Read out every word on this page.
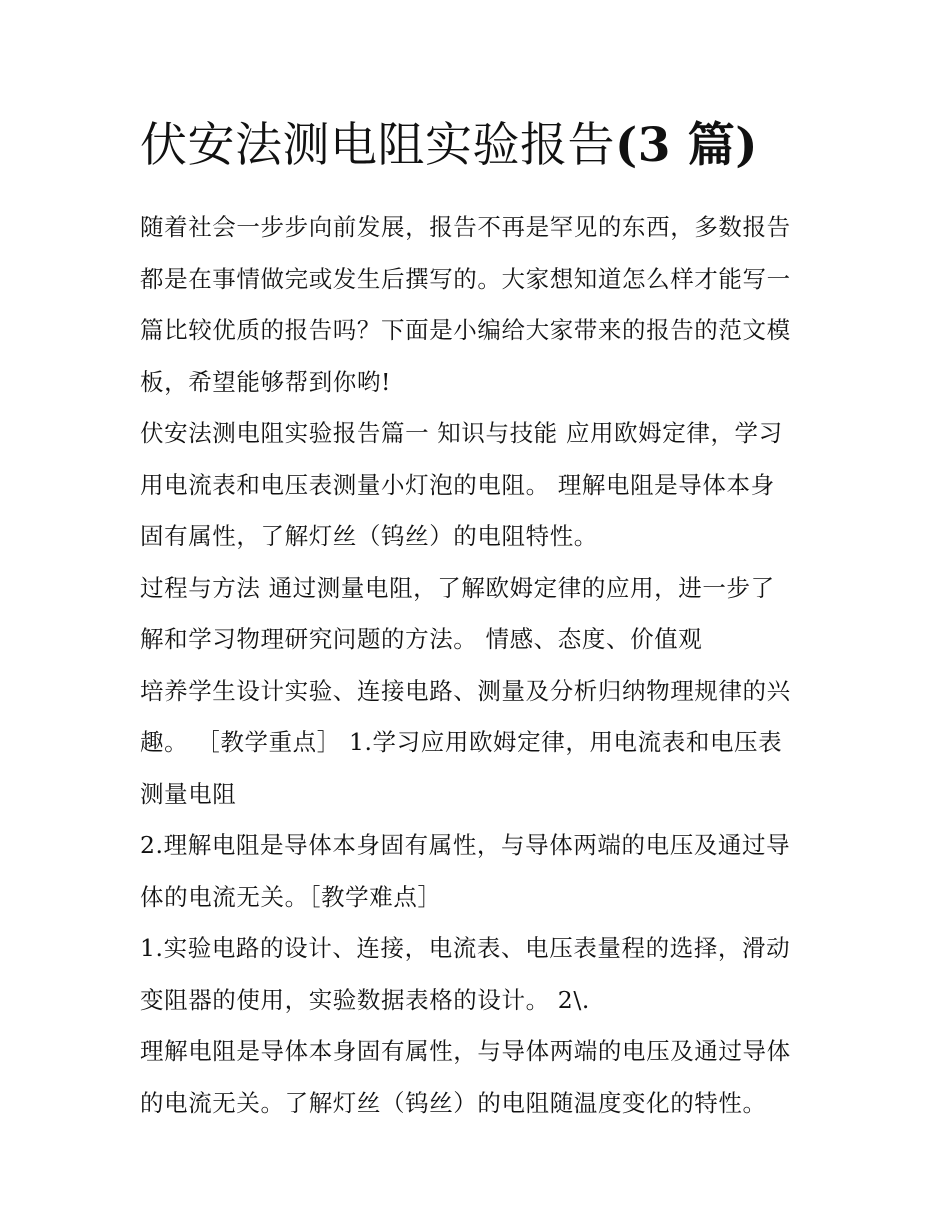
伏安法测电阻实验报告(3 篇)

随着社会一步步向前发展，报告不再是罕见的东西，多数报告
都是在事情做完或发生后撰写的。大家想知道怎么样才能写一
篇比较优质的报告吗？下面是小编给大家带来的报告的范文模
板，希望能够帮到你哟!

伏安法测电阻实验报告篇一 知识与技能 应用欧姆定律，学习
用电流表和电压表测量小灯泡的电阻。 理解电阻是导体本身
固有属性，了解灯丝（钨丝）的电阻特性。

过程与方法 通过测量电阻，了解欧姆定律的应用，进一步了
解和学习物理研究问题的方法。 情感、态度、价值观
培养学生设计实验、连接电路、测量及分析归纳物理规律的兴
趣。 ［教学重点］ 1.学习应用欧姆定律，用电流表和电压表
测量电阻

2.理解电阻是导体本身固有属性，与导体两端的电压及通过导
体的电流无关。［教学难点］

1.实验电路的设计、连接，电流表、电压表量程的选择，滑动
变阻器的使用，实验数据表格的设计。 2\.

理解电阻是导体本身固有属性，与导体两端的电压及通过导体
的电流无关。了解灯丝（钨丝）的电阻随温度变化的特性。
